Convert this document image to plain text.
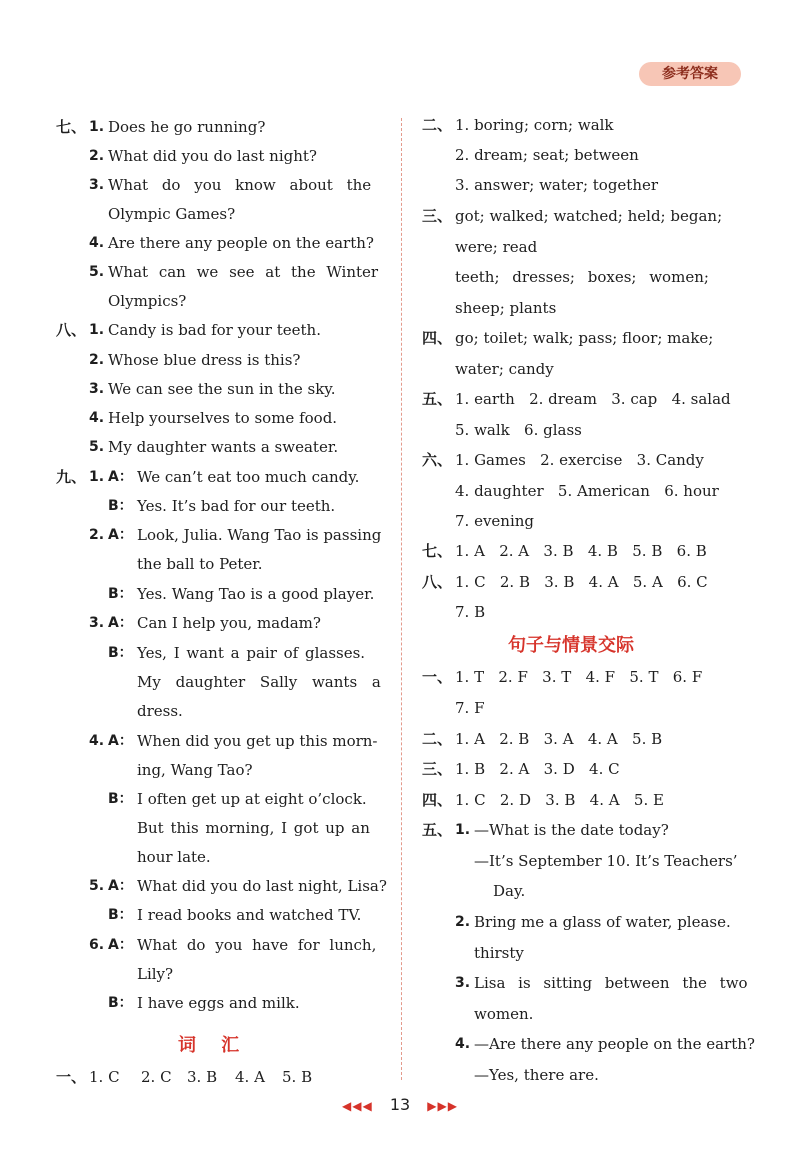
参考答案
七、 1. Does he go running?
2. What did you do last night?
3. What do you know about the
Olympic Games?
4. Are there any people on the earth?
5. What can we see at the Winter
Olympics?
八、 1. Candy is bad for your teeth.
2. Whose blue dress is this?
3. We can see the sun in the sky.
4. Help yourselves to some food.
5. My daughter wants a sweater.
九、 1. A： We can’t eat too much candy.
B： Yes. It’s bad for our teeth.
2. A： Look, Julia. Wang Tao is passing
the ball to Peter.
B： Yes. Wang Tao is a good player.
3. A： Can I help you, madam?
B： Yes, I want a pair of glasses.
My daughter Sally wants a
dress.
4. A： When did you get up this morn-
ing, Wang Tao?
B： I often get up at eight o’clock.
But this morning, I got up an
hour late.
5. A： What did you do last night, Lisa?
B： I read books and watched TV.
6. A： What do you have for lunch,
Lily?
B： I have eggs and milk.
词    汇
一、 1. C 2. C 3. B 4. A 5. B
二、 1. boring; corn; walk
2. dream; seat; between
3. answer; water; together
三、 got; walked; watched; held; began;
were; read
teeth; dresses; boxes; women;
sheep; plants
四、 go; toilet; walk; pass; floor; make;
water; candy
五、 1. earth   2. dream   3. cap   4. salad
5. walk   6. glass
六、 1. Games   2. exercise   3. Candy
4. daughter   5. American   6. hour
7. evening
七、 1. A   2. A   3. B   4. B   5. B   6. B
八、 1. C   2. B   3. B   4. A   5. A   6. C
7. B
句子与情景交际
一、 1. T   2. F   3. T   4. F   5. T   6. F
7. F
二、 1. A   2. B   3. A   4. A   5. B
三、 1. B   2. A   3. D   4. C
四、 1. C   2. D   3. B   4. A   5. E
五、 1. —What is the date today?
—It’s September 10. It’s Teachers’
Day.
2. Bring me a glass of water, please.
thirsty
3. Lisa is sitting between the two
women.
4. —Are there any people on the earth?
—Yes, there are.
◀◀◀ 13 ▶▶▶
